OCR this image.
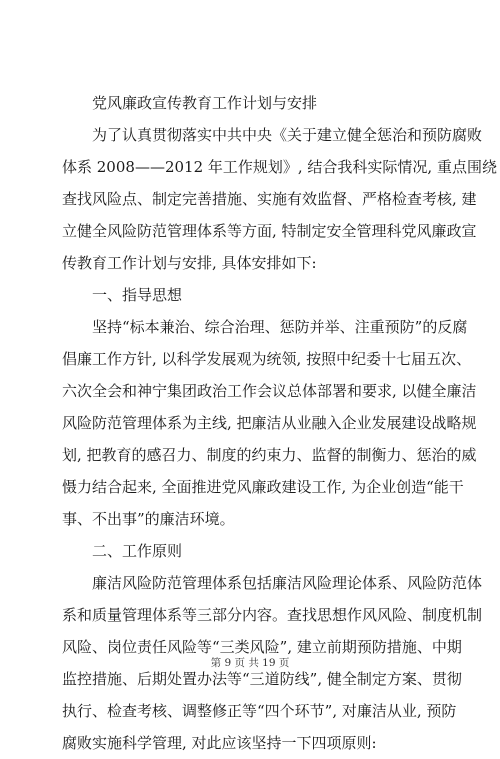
党风廉政宣传教育工作计划与安排
为了认真贯彻落实中共中央《关于建立健全惩治和预防腐败
体系 2008——2012 年工作规划》, 结合我科实际情况, 重点围绕
查找风险点、制定完善措施、实施有效监督、严格检查考核, 建
立健全风险防范管理体系等方面, 特制定安全管理科党风廉政宣
传教育工作计划与安排, 具体安排如下:
一、指导思想
坚持“标本兼治、综合治理、惩防并举、注重预防”的反腐
倡廉工作方针, 以科学发展观为统领, 按照中纪委十七届五次、
六次全会和神宁集团政治工作会议总体部署和要求, 以健全廉洁
风险防范管理体系为主线, 把廉洁从业融入企业发展建设战略规
划, 把教育的感召力、制度的约束力、监督的制衡力、惩治的威
慑力结合起来, 全面推进党风廉政建设工作, 为企业创造“能干
事、不出事”的廉洁环境。
二、工作原则
廉洁风险防范管理体系包括廉洁风险理论体系、风险防范体
系和质量管理体系等三部分内容。查找思想作风风险、制度机制
风险、岗位责任风险等“三类风险”, 建立前期预防措施、中期
监控措施、后期处置办法等“三道防线”, 健全制定方案、贯彻
执行、检查考核、调整修正等“四个环节”, 对廉洁从业, 预防
腐败实施科学管理, 对此应该坚持一下四项原则:
第 9 页 共 19 页
